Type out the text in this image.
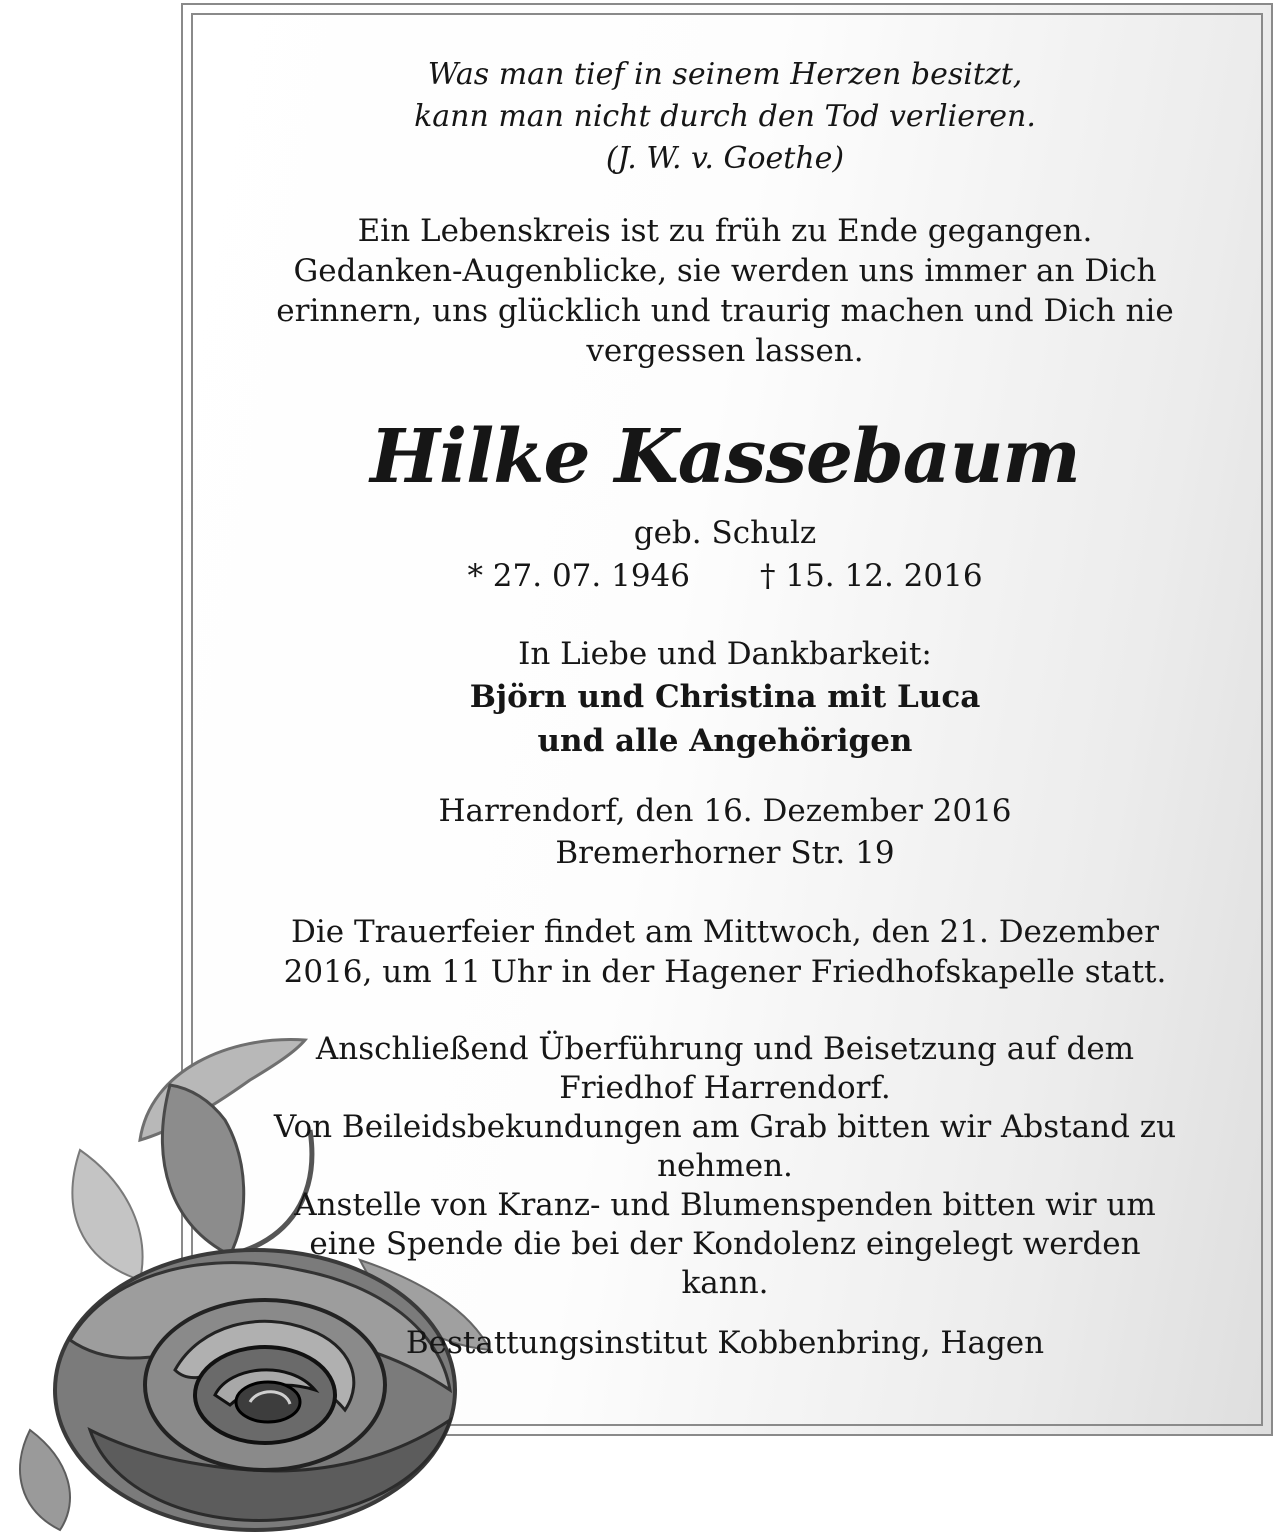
Was man tief in seinem Herzen besitzt,
kann man nicht durch den Tod verlieren.
(J. W. v. Goethe)
Ein Lebenskreis ist zu früh zu Ende gegangen.
Gedanken-Augenblicke, sie werden uns immer an Dich
erinnern, uns glücklich und traurig machen und Dich nie
vergessen lassen.
Hilke Kassebaum
geb. Schulz
* 27. 07. 1946 † 15. 12. 2016
In Liebe und Dankbarkeit:
Björn und Christina mit Luca
und alle Angehörigen
Harrendorf, den 16. Dezember 2016
Bremerhorner Str. 19
Die Trauerfeier findet am Mittwoch, den 21. Dezember
2016, um 11 Uhr in der Hagener Friedhofskapelle statt.
Anschließend Überführung und Beisetzung auf dem
Friedhof Harrendorf.
Von Beileidsbekundungen am Grab bitten wir Abstand zu
nehmen.
Anstelle von Kranz- und Blumenspenden bitten wir um
eine Spende die bei der Kondolenz eingelegt werden
kann.
Bestattungsinstitut Kobbenbring, Hagen
